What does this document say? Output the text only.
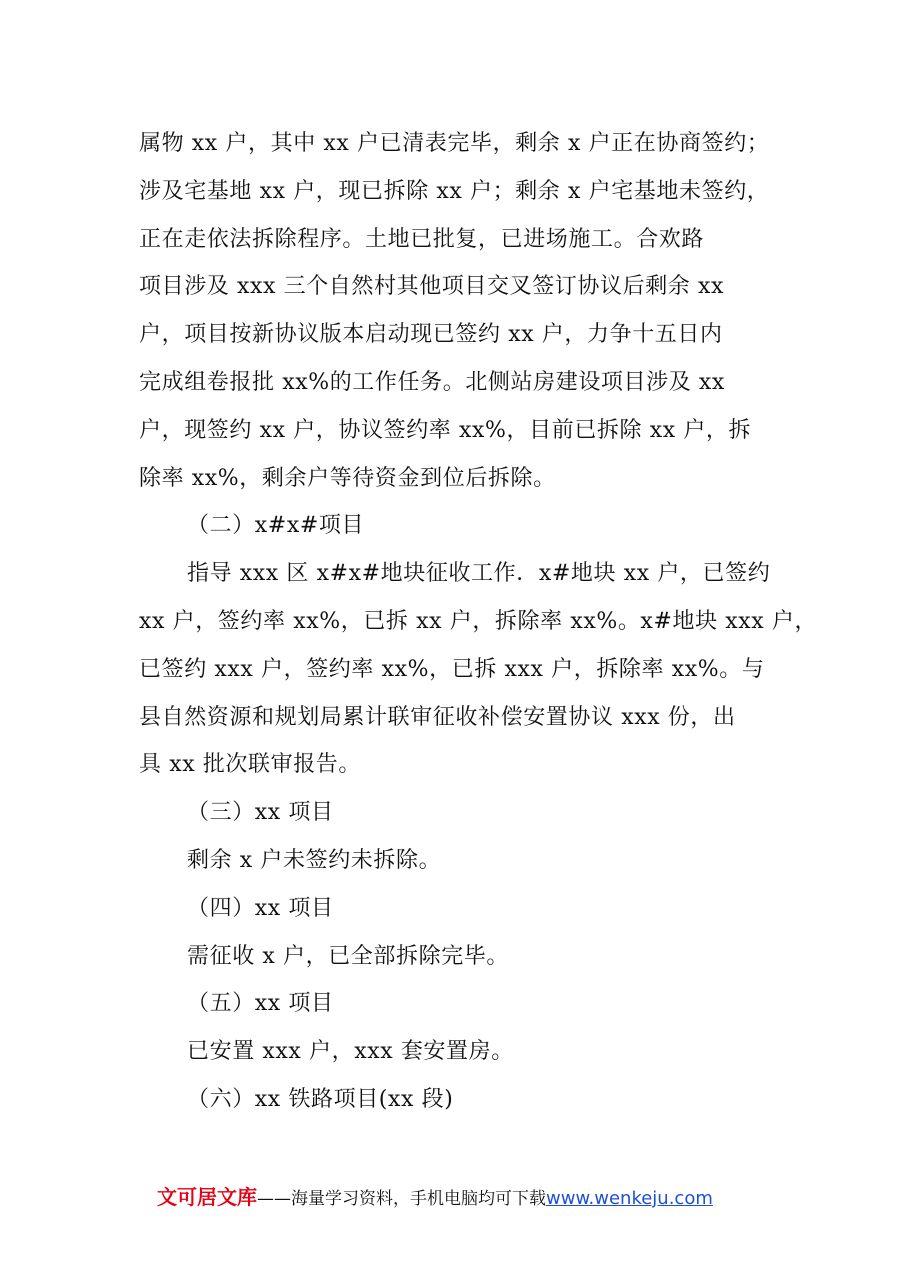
属物 xx 户，其中 xx 户已清表完毕，剩余 x 户正在协商签约；
涉及宅基地 xx 户，现已拆除 xx 户；剩余 x 户宅基地未签约，
正在走依法拆除程序。土地已批复，已进场施工。合欢路
项目涉及 xxx 三个自然村其他项目交叉签订协议后剩余 xx
户，项目按新协议版本启动现已签约 xx 户，力争十五日内
完成组卷报批 xx%的工作任务。北侧站房建设项目涉及 xx
户，现签约 xx 户，协议签约率 xx%，目前已拆除 xx 户，拆
除率 xx%，剩余户等待资金到位后拆除。
（二）x#x#项目
指导 xxx 区 x#x#地块征收工作．x#地块 xx 户，已签约
xx 户，签约率 xx%，已拆 xx 户，拆除率 xx%。x#地块 xxx 户，
已签约 xxx 户，签约率 xx%，已拆 xxx 户，拆除率 xx%。与
县自然资源和规划局累计联审征收补偿安置协议 xxx 份，出
具 xx 批次联审报告。
（三）xx 项目
剩余 x 户未签约未拆除。
（四）xx 项目
需征收 x 户，已全部拆除完毕。
（五）xx 项目
已安置 xxx 户，xxx 套安置房。
（六）xx 铁路项目(xx 段)
文可居文库——海量学习资料，手机电脑均可下载www.wenkeju.com
